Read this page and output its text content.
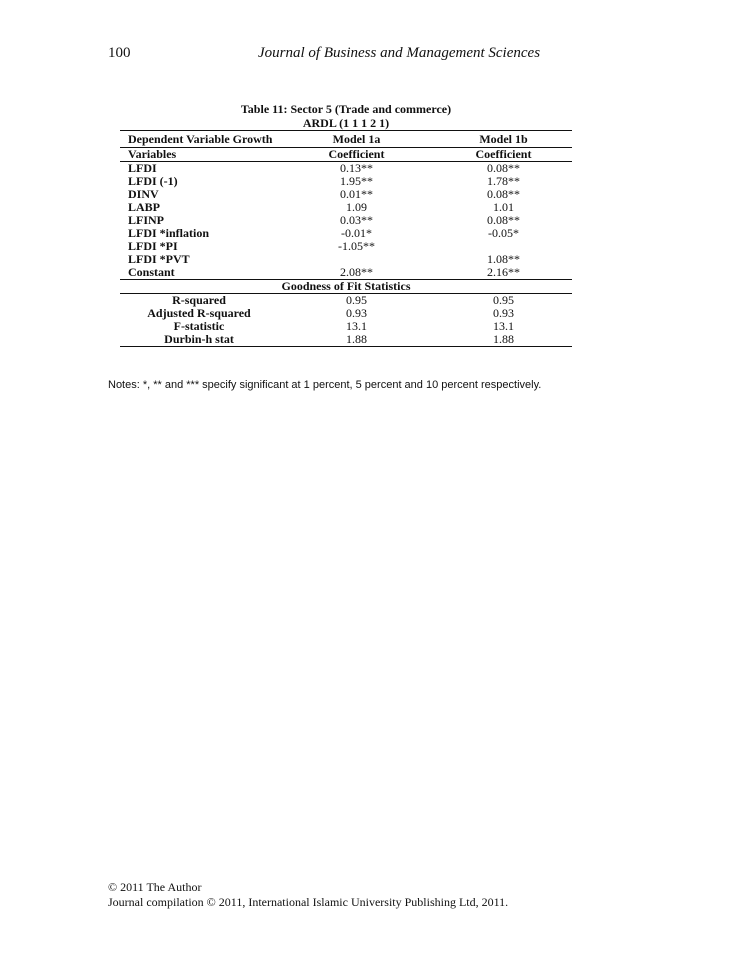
100	Journal of Business and Management Sciences
Table 11: Sector 5 (Trade and commerce)
ARDL (1 1 1 2 1)
Dependent Variable Growth	Model 1a	Model 1b
Variables	Coefficient	Coefficient
LFDI	0.13**	0.08**
LFDI (-1)	1.95**	1.78**
DINV	0.01**	0.08**
LABP	1.09	1.01
LFINP	0.03**	0.08**
LFDI *inflation	-0.01*	-0.05*
LFDI *PI	-1.05**	
LFDI *PVT		1.08**
Constant	2.08**	2.16**
Goodness of Fit Statistics		
R-squared	0.95	0.95
Adjusted R-squared	0.93	0.93
F-statistic	13.1	13.1
Durbin-h stat	1.88	1.88
Notes: *, ** and *** specify significant at 1 percent, 5 percent and 10 percent respectively.
© 2011 The Author
Journal compilation © 2011, International Islamic University Publishing Ltd, 2011.
